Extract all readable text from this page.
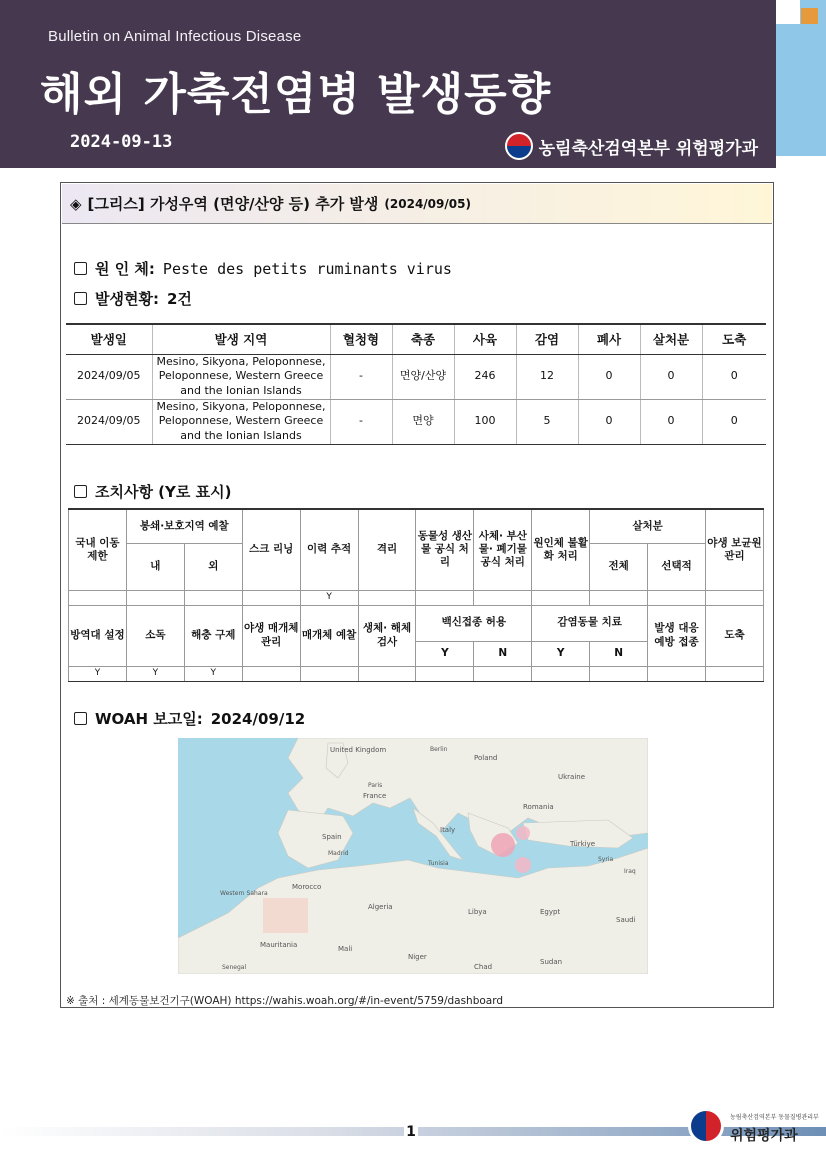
Bulletin on Animal Infectious Disease
해외 가축전염병 발생동향
2024-09-13	농림축산검역본부 위험평가과
◈ [그리스] 가성우역 (면양/산양 등) 추가 발생 (2024/09/05)
원 인 체: Peste des petits ruminants virus
발생현황: 2건
발생일	발생 지역	혈청형	축종	사육	감염	폐사	살처분	도축
2024/09/05	Mesino, Sikyona, Peloponnese, Peloponnese, Western Greece and the Ionian Islands	-	면양/산양	246	12	0	0	0
2024/09/05	Mesino, Sikyona, Peloponnese, Peloponnese, Western Greece and the Ionian Islands	-	면양	100	5	0	0	0
조치사항 (Y로 표시)
국내 이동 제한	봉쇄·보호지역 예찰		스크 리닝	이력 추적	격리	동물성 생산물 공식 처리	사체· 부산물· 폐기물 공식 처리	원인체 불활화 처리	살처분		야생 보균원 관리
	내	외							전체	선택적	
				Y							
방역대 설정	소독	해충 구제	야생 매개체 관리	매개체 예찰	생체· 해체 검사	백신접종 허용		감염동물 치료		발생 대응 예방 접종	도축
						Y	N	Y	N		
Y	Y	Y									
WOAH 보고일: 2024/09/12
United Kingdom
Poland
Ukraine
France
Spain
Italy
Romania
Türkiye
Morocco
Algeria
Libya	Egypt
Mauritania	Mali
Niger
Chad
Sudan
Saudi
Western Sahara
Senegal
Berlin
Paris
Madrid
Tunisia
Syria
Iraq
※ 출처 : 세계동물보건기구(WOAH) https://wahis.woah.org/#/in-event/5759/dashboard
1
농림축산검역본부 동물질병관리부
위험평가과
